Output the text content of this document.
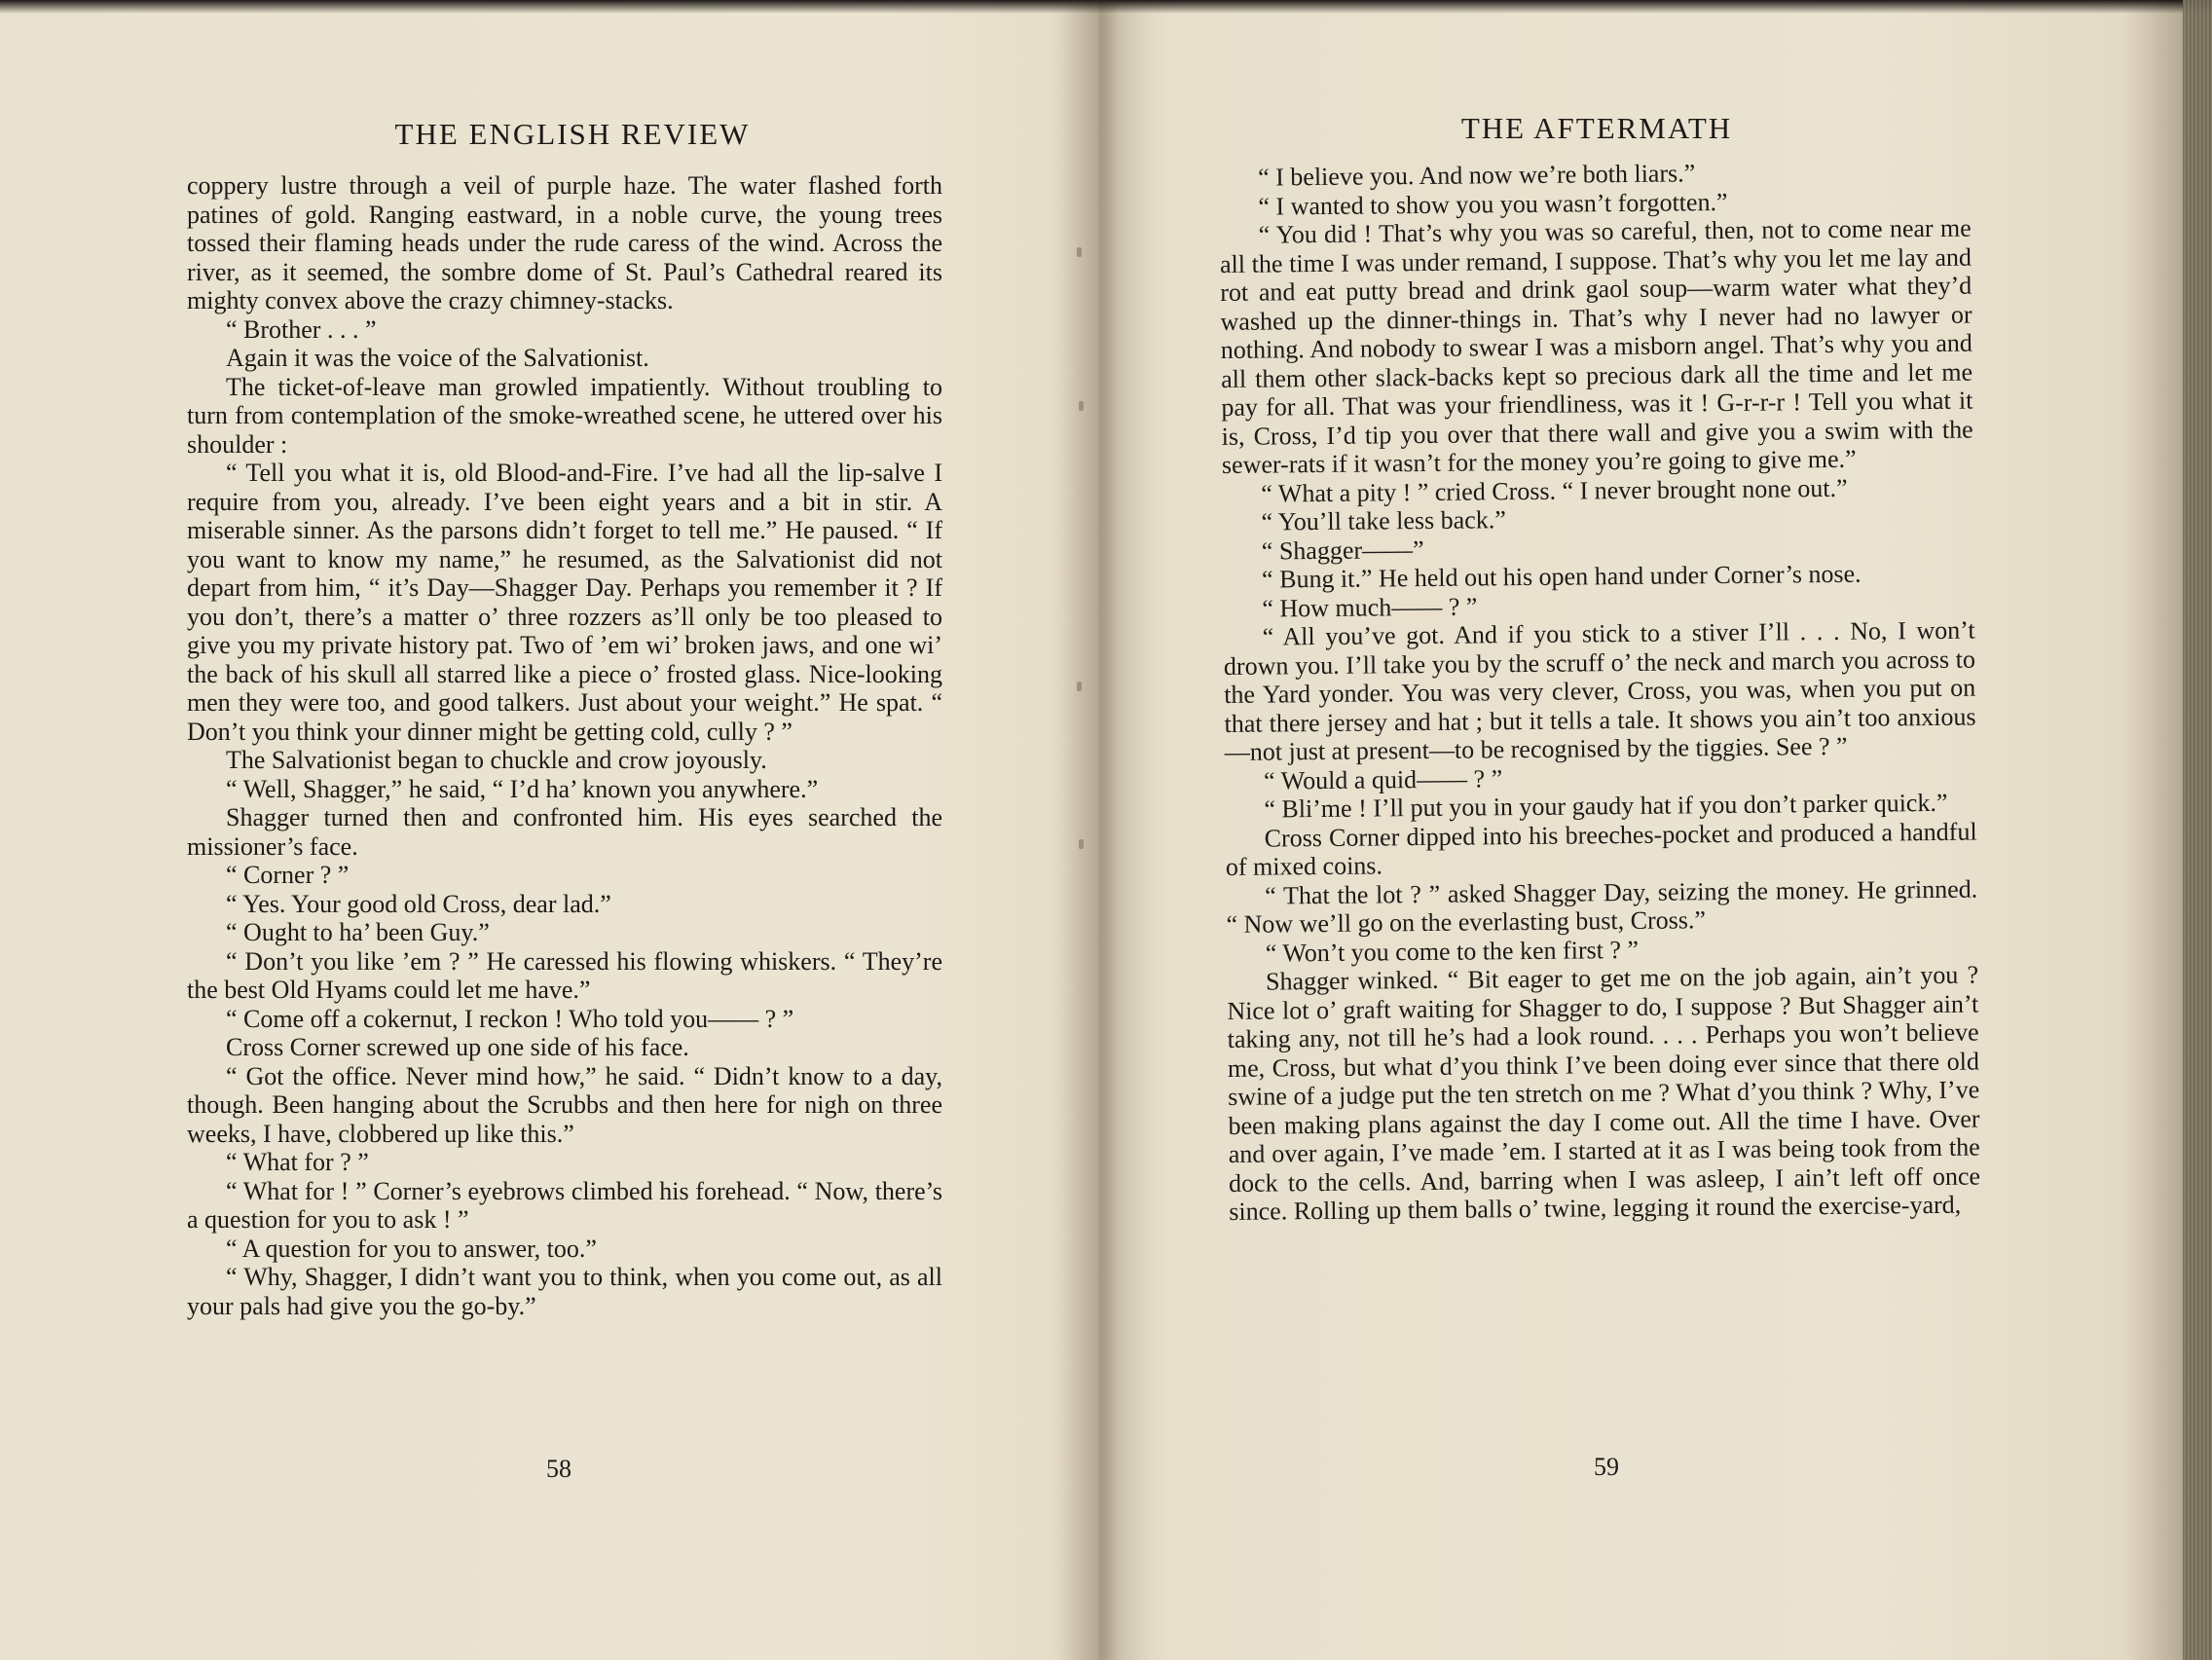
THE ENGLISH REVIEW

coppery lustre through a veil of purple haze. The water flashed forth patines of gold. Ranging eastward, in a noble curve, the young trees tossed their flaming heads under the rude caress of the wind. Across the river, as it seemed, the sombre dome of St. Paul’s Cathedral reared its mighty convex above the crazy chimney-stacks.

“ Brother . . . ”

Again it was the voice of the Salvationist.

The ticket-of-leave man growled impatiently. Without troubling to turn from contemplation of the smoke-wreathed scene, he uttered over his shoulder :

“ Tell you what it is, old Blood-and-Fire. I’ve had all the lip-salve I require from you, already. I’ve been eight years and a bit in stir. A miserable sinner. As the parsons didn’t forget to tell me.” He paused. “ If you want to know my name,” he resumed, as the Salvationist did not depart from him, “ it’s Day—Shagger Day. Perhaps you remember it ? If you don’t, there’s a matter o’ three rozzers as’ll only be too pleased to give you my private history pat. Two of ’em wi’ broken jaws, and one wi’ the back of his skull all starred like a piece o’ frosted glass. Nice-looking men they were too, and good talkers. Just about your weight.” He spat. “ Don’t you think your dinner might be getting cold, cully ? ”

The Salvationist began to chuckle and crow joyously.

“ Well, Shagger,” he said, “ I’d ha’ known you anywhere.”

Shagger turned then and confronted him. His eyes searched the missioner’s face.

“ Corner ? ”

“ Yes. Your good old Cross, dear lad.”

“ Ought to ha’ been Guy.”

“ Don’t you like ’em ? ” He caressed his flowing whiskers. “ They’re the best Old Hyams could let me have.”

“ Come off a cokernut, I reckon ! Who told you—— ? ”

Cross Corner screwed up one side of his face.

“ Got the office. Never mind how,” he said. “ Didn’t know to a day, though. Been hanging about the Scrubbs and then here for nigh on three weeks, I have, clobbered up like this.”

“ What for ? ”

“ What for ! ” Corner’s eyebrows climbed his forehead. “ Now, there’s a question for you to ask ! ”

“ A question for you to answer, too.”

“ Why, Shagger, I didn’t want you to think, when you come out, as all your pals had give you the go-by.”

58
THE AFTERMATH

“ I believe you. And now we’re both liars.”

“ I wanted to show you you wasn’t forgotten.”

“ You did ! That’s why you was so careful, then, not to come near me all the time I was under remand, I suppose. That’s why you let me lay and rot and eat putty bread and drink gaol soup—warm water what they’d washed up the dinner-things in. That’s why I never had no lawyer or nothing. And nobody to swear I was a misborn angel. That’s why you and all them other slack-backs kept so precious dark all the time and let me pay for all. That was your friendliness, was it ! G-r-r-r ! Tell you what it is, Cross, I’d tip you over that there wall and give you a swim with the sewer-rats if it wasn’t for the money you’re going to give me.”

“ What a pity ! ” cried Cross. “ I never brought none out.”

“ You’ll take less back.”

“ Shagger——”

“ Bung it.” He held out his open hand under Corner’s nose.

“ How much—— ? ”

“ All you’ve got. And if you stick to a stiver I’ll . . . No, I won’t drown you. I’ll take you by the scruff o’ the neck and march you across to the Yard yonder. You was very clever, Cross, you was, when you put on that there jersey and hat ; but it tells a tale. It shows you ain’t too anxious—not just at present—to be recognised by the tiggies. See ? ”

“ Would a quid—— ? ”

“ Bli’me ! I’ll put you in your gaudy hat if you don’t parker quick.”

Cross Corner dipped into his breeches-pocket and produced a handful of mixed coins.

“ That the lot ? ” asked Shagger Day, seizing the money. He grinned. “ Now we’ll go on the everlasting bust, Cross.”

“ Won’t you come to the ken first ? ”

Shagger winked. “ Bit eager to get me on the job again, ain’t you ? Nice lot o’ graft waiting for Shagger to do, I suppose ? But Shagger ain’t taking any, not till he’s had a look round. . . . Perhaps you won’t believe me, Cross, but what d’you think I’ve been doing ever since that there old swine of a judge put the ten stretch on me ? What d’you think ? Why, I’ve been making plans against the day I come out. All the time I have. Over and over again, I’ve made ’em. I started at it as I was being took from the dock to the cells. And, barring when I was asleep, I ain’t left off once since. Rolling up them balls o’ twine, legging it round the exercise-yard,

59
